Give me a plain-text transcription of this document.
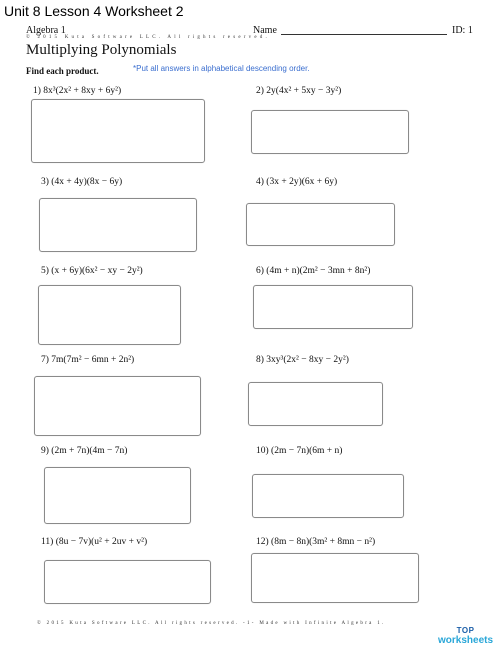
Unit 8 Lesson 4 Worksheet 2
Algebra 1	Name	ID: 1
© 2015 Kuta Software LLC. All rights reserved.
Multiplying Polynomials
Find each product.	*Put all answers in alphabetical descending order.
1) 8x³(2x² + 8xy + 6y²)	2) 2y(4x² + 5xy − 3y²)
3) (4x + 4y)(8x − 6y)	4) (3x + 2y)(6x + 6y)
5) (x + 6y)(6x² − xy − 2y²)	6) (4m + n)(2m² − 3mn + 8n²)
7) 7m(7m² − 6mn + 2n²)	8) 3xy³(2x² − 8xy − 2y²)
9) (2m + 7n)(4m − 7n)	10) (2m − 7n)(6m + n)
11) (8u − 7v)(u² + 2uv + v²)	12) (8m − 8n)(3m² + 8mn − n²)
© 2015 Kuta Software LLC. All rights reserved. -1- Made with Infinite Algebra 1.
TOP
worksheets
